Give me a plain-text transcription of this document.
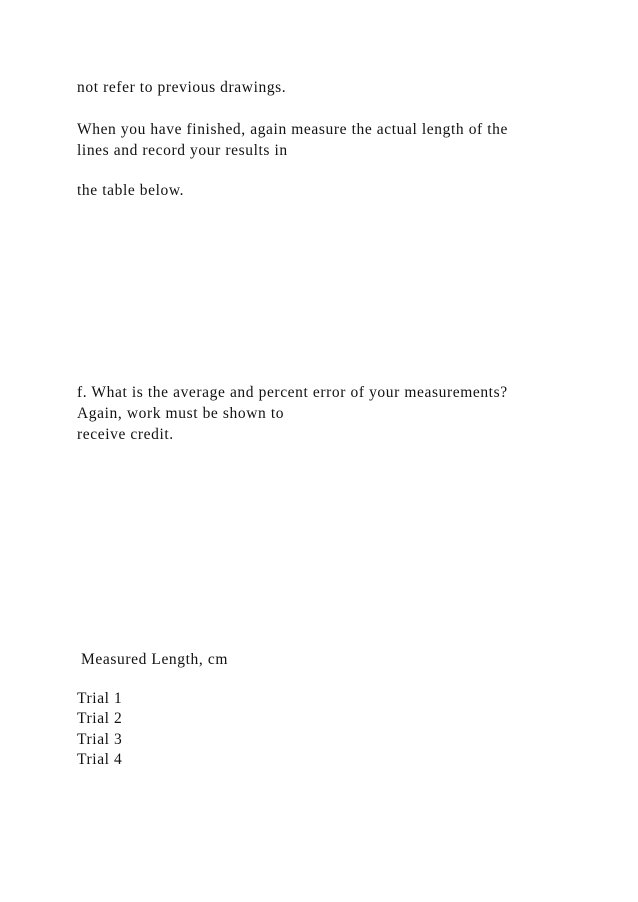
not refer to previous drawings.
When you have finished, again measure the actual length of the
lines and record your results in
the table below.
f. What is the average and percent error of your measurements?
Again, work must be shown to
receive credit.
Measured Length, cm
Trial 1
Trial 2
Trial 3
Trial 4
